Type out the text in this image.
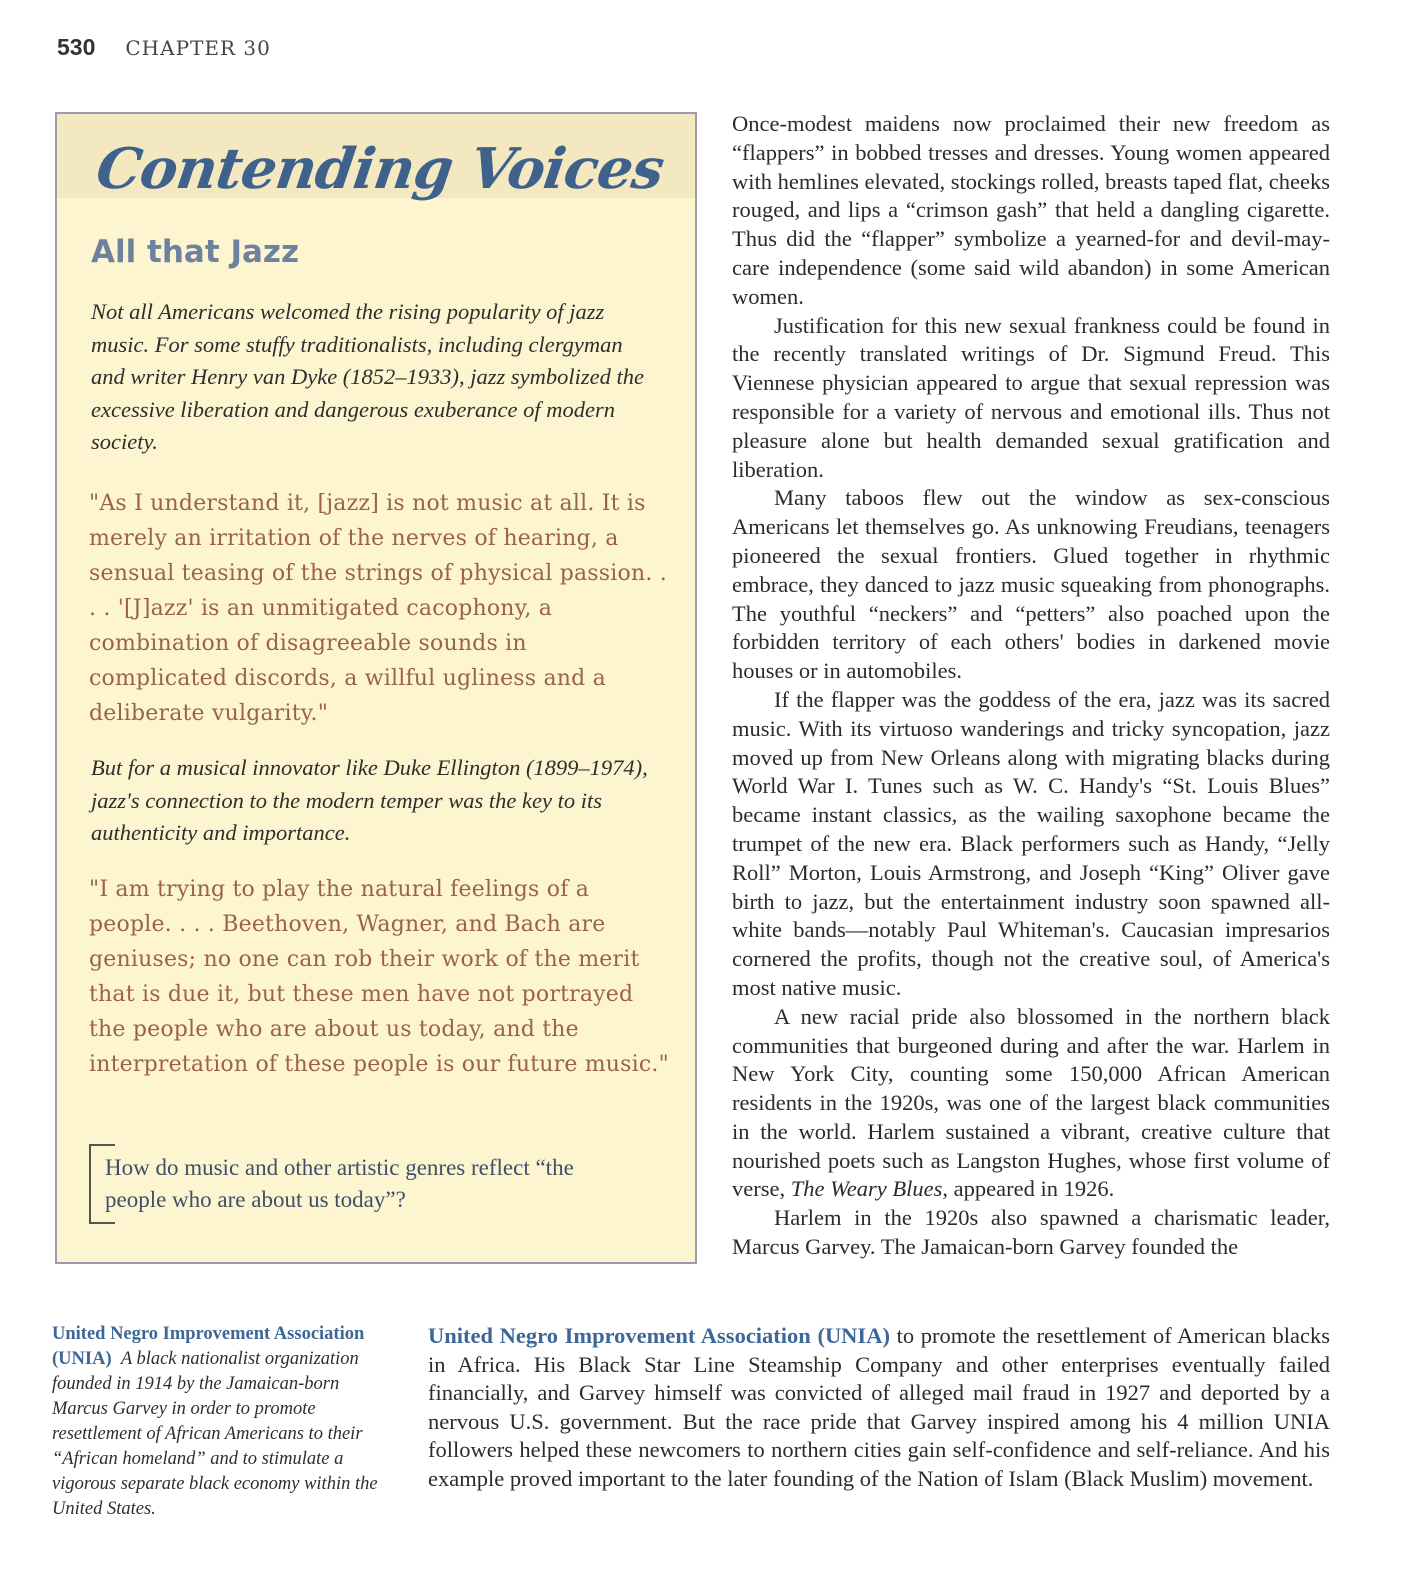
530 CHAPTER 30
Contending Voices
All that Jazz
Not all Americans welcomed the rising popularity of jazz music. For some stuffy traditionalists, including clergyman and writer Henry van Dyke (1852–1933), jazz symbolized the excessive liberation and dangerous exuberance of modern society.
"As I understand it, [jazz] is not music at all. It is merely an irritation of the nerves of hearing, a sensual teasing of the strings of physical passion. . . . '[J]azz' is an unmitigated cacophony, a combination of disagreeable sounds in complicated discords, a willful ugliness and a deliberate vulgarity."
But for a musical innovator like Duke Ellington (1899–1974), jazz's connection to the modern temper was the key to its authenticity and importance.
"I am trying to play the natural feelings of a people. . . . Beethoven, Wagner, and Bach are geniuses; no one can rob their work of the merit that is due it, but these men have not portrayed the people who are about us today, and the interpretation of these people is our future music."
How do music and other artistic genres reflect “the people who are about us today”?

Once-modest maidens now proclaimed their new freedom as “flappers” in bobbed tresses and dresses. Young women appeared with hemlines elevated, stockings rolled, breasts taped flat, cheeks rouged, and lips a “crimson gash” that held a dangling cigarette. Thus did the “flapper” symbolize a yearned-for and devil-may-care independence (some said wild abandon) in some American women.

Justification for this new sexual frankness could be found in the recently translated writings of Dr. Sigmund Freud. This Viennese physician appeared to argue that sexual repression was responsible for a variety of nervous and emotional ills. Thus not pleasure alone but health demanded sexual gratification and liberation.

Many taboos flew out the window as sex-conscious Americans let themselves go. As unknowing Freudians, teenagers pioneered the sexual frontiers. Glued together in rhythmic embrace, they danced to jazz music squeaking from phonographs. The youthful “neckers” and “petters” also poached upon the forbidden territory of each others' bodies in darkened movie houses or in automobiles.

If the flapper was the goddess of the era, jazz was its sacred music. With its virtuoso wanderings and tricky syncopation, jazz moved up from New Orleans along with migrating blacks during World War I. Tunes such as W. C. Handy's “St. Louis Blues” became instant classics, as the wailing saxophone became the trumpet of the new era. Black performers such as Handy, “Jelly Roll” Morton, Louis Armstrong, and Joseph “King” Oliver gave birth to jazz, but the entertainment industry soon spawned all-white bands—notably Paul Whiteman's. Caucasian impresarios cornered the profits, though not the creative soul, of America's most native music.

A new racial pride also blossomed in the northern black communities that burgeoned during and after the war. Harlem in New York City, counting some 150,000 African American residents in the 1920s, was one of the largest black communities in the world. Harlem sustained a vibrant, creative culture that nourished poets such as Langston Hughes, whose first volume of verse, The Weary Blues, appeared in 1926.

Harlem in the 1920s also spawned a charismatic leader, Marcus Garvey. The Jamaican-born Garvey founded the

United Negro Improvement Association (UNIA) to promote the resettlement of American blacks in Africa. His Black Star Line Steamship Company and other enterprises eventually failed financially, and Garvey himself was convicted of alleged mail fraud in 1927 and deported by a nervous U.S. government. But the race pride that Garvey inspired among his 4 million UNIA followers helped these newcomers to northern cities gain self-confidence and self-reliance. And his example proved important to the later founding of the Nation of Islam (Black Muslim) movement.

United Negro Improvement Association (UNIA) A black nationalist organization founded in 1914 by the Jamaican-born Marcus Garvey in order to promote resettlement of African Americans to their “African homeland” and to stimulate a vigorous separate black economy within the United States.
